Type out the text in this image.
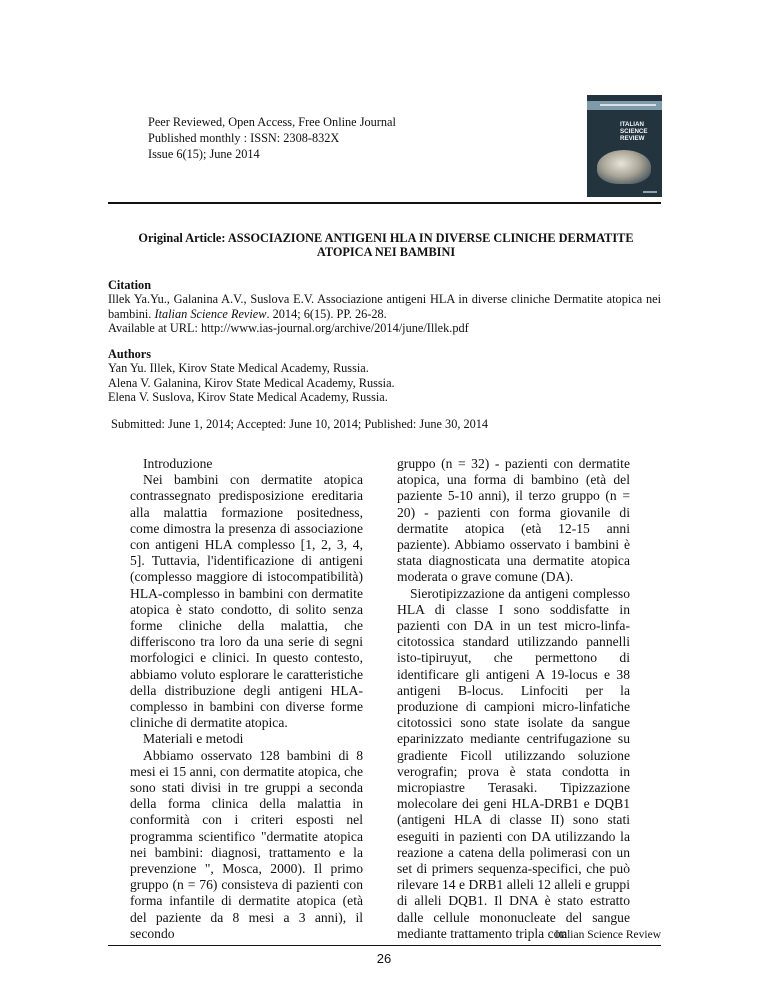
Peer Reviewed, Open Access, Free Online Journal
Published monthly : ISSN: 2308-832X
Issue 6(15); June 2014
ITALIAN SCIENCE REVIEW
Original Article: ASSOCIAZIONE ANTIGENI HLA IN DIVERSE CLINICHE DERMATITE ATOPICA NEI BAMBINI
Citation
Illek Ya.Yu., Galanina A.V., Suslova E.V. Associazione antigeni HLA in diverse cliniche Dermatite atopica nei bambini. Italian Science Review. 2014; 6(15). PP. 26-28.
Available at URL: http://www.ias-journal.org/archive/2014/june/Illek.pdf
Authors
Yan Yu. Illek, Kirov State Medical Academy, Russia.
Alena V. Galanina, Kirov State Medical Academy, Russia.
Elena V. Suslova, Kirov State Medical Academy, Russia.
Submitted: June 1, 2014; Accepted: June 10, 2014; Published: June 30, 2014
Introduzione
Nei bambini con dermatite atopica contrassegnato predisposizione ereditaria alla malattia formazione positedness, come dimostra la presenza di associazione con antigeni HLA complesso [1, 2, 3, 4, 5]. Tuttavia, l'identificazione di antigeni (complesso maggiore di istocompatibilità) HLA-complesso in bambini con dermatite atopica è stato condotto, di solito senza forme cliniche della malattia, che differiscono tra loro da una serie di segni morfologici e clinici. In questo contesto, abbiamo voluto esplorare le caratteristiche della distribuzione degli antigeni HLA-complesso in bambini con diverse forme cliniche di dermatite atopica.
Materiali e metodi
Abbiamo osservato 128 bambini di 8 mesi ei 15 anni, con dermatite atopica, che sono stati divisi in tre gruppi a seconda della forma clinica della malattia in conformità con i criteri esposti nel programma scientifico "dermatite atopica nei bambini: diagnosi, trattamento e la prevenzione ", Mosca, 2000). Il primo gruppo (n = 76) consisteva di pazienti con forma infantile di dermatite atopica (età del paziente da 8 mesi a 3 anni), il secondo
gruppo (n = 32) - pazienti con dermatite atopica, una forma di bambino (età del paziente 5-10 anni), il terzo gruppo (n = 20) - pazienti con forma giovanile di dermatite atopica (età 12-15 anni paziente). Abbiamo osservato i bambini è stata diagnosticata una dermatite atopica moderata o grave comune (DA).
Sierotipizzazione da antigeni complesso HLA di classe I sono soddisfatte in pazienti con DA in un test micro-linfa-citotossica standard utilizzando pannelli isto-tipiruyut, che permettono di identificare gli antigeni A 19-locus e 38 antigeni B-locus. Linfociti per la produzione di campioni micro-linfatiche citotossici sono state isolate da sangue eparinizzato mediante centrifugazione su gradiente Ficoll utilizzando soluzione verografin; prova è stata condotta in micropiastre Terasaki. Tipizzazione molecolare dei geni HLA-DRB1 e DQB1 (antigeni HLA di classe II) sono stati eseguiti in pazienti con DA utilizzando la reazione a catena della polimerasi con un set di primers sequenza-specifici, che può rilevare 14 e DRB1 alleli 12 alleli e gruppi di alleli DQB1. Il DNA è stato estratto dalle cellule mononucleate del sangue mediante trattamento tripla con
Italian Science Review
26
